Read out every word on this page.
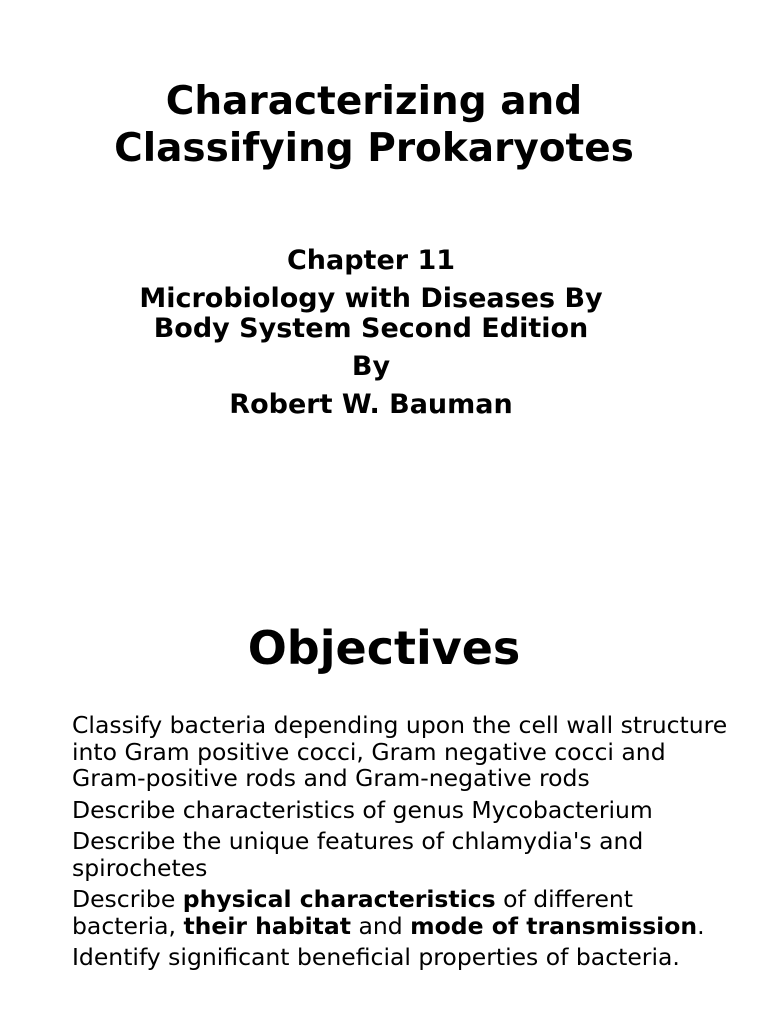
Characterizing and
Classifying Prokaryotes
Chapter 11
Microbiology with Diseases By
Body System Second Edition
By
Robert W. Bauman
Objectives
Classify bacteria depending upon the cell wall structure into Gram positive cocci, Gram negative cocci and Gram-positive rods and Gram-negative rods
Describe characteristics of genus Mycobacterium
Describe the unique features of chlamydia's and spirochetes
Describe physical characteristics of different bacteria, their habitat and mode of transmission.
Identify significant beneficial properties of bacteria.
